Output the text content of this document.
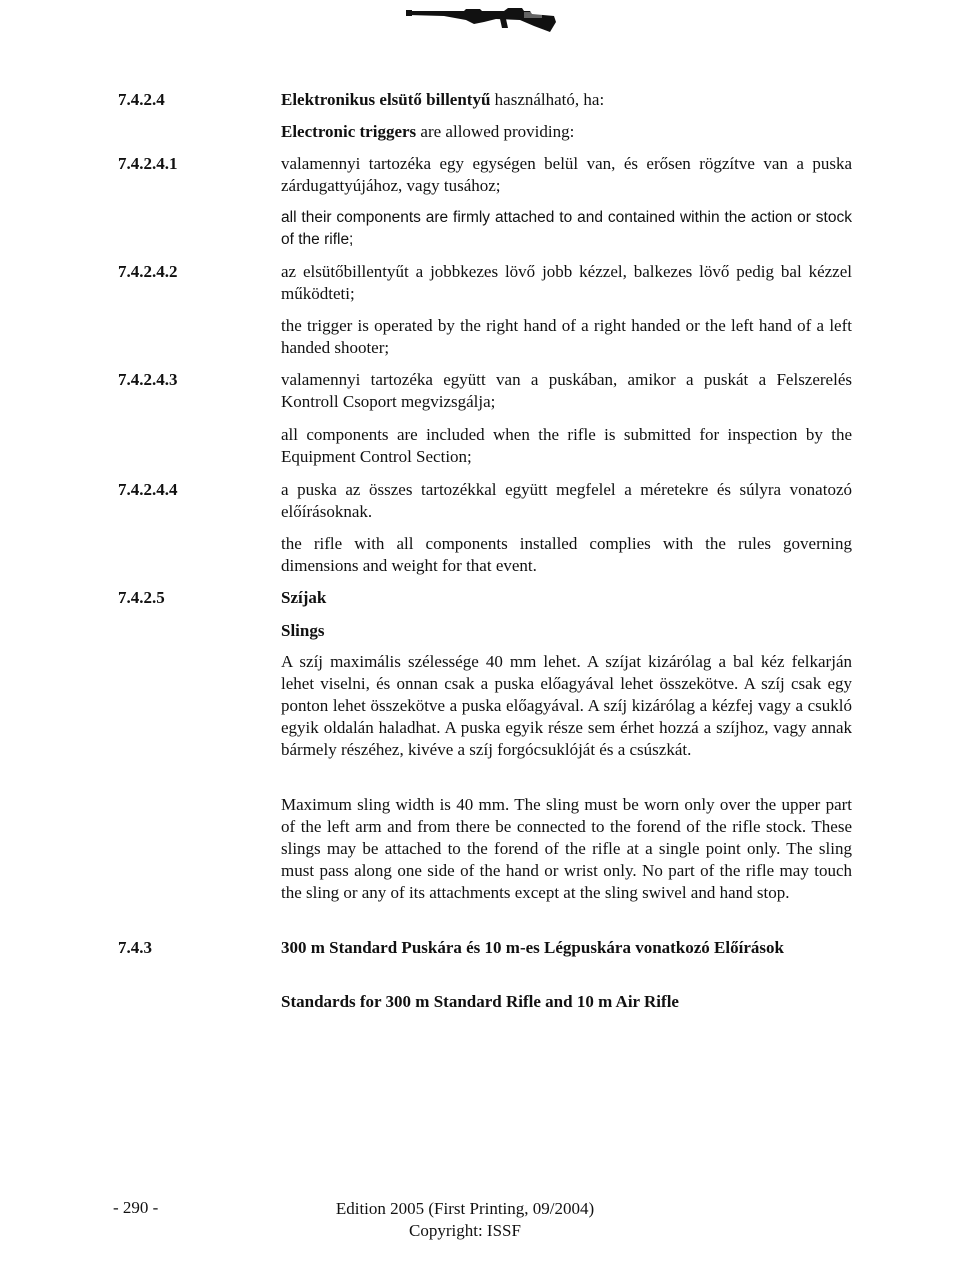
7.4.2.4	Elektronikus elsütő billentyű használható, ha:
Electronic triggers are allowed providing:
7.4.2.4.1	valamennyi tartozéka egy egységen belül van, és erősen rögzítve van a puska zárdugattyújához, vagy tusához;
all their components are firmly attached to and contained within the action or stock of the rifle;
7.4.2.4.2	az elsütőbillentyűt a jobbkezes lövő jobb kézzel, balkezes lövő pedig bal kézzel működteti;
the trigger is operated by the right hand of a right handed or the left hand of a left handed shooter;
7.4.2.4.3	valamennyi tartozéka együtt van a puskában, amikor a puskát a Felszerelés Kontroll Csoport megvizsgálja;
all components are included when the rifle is submitted for inspection by the Equipment Control Section;
7.4.2.4.4	a puska az összes tartozékkal együtt megfelel a méretekre és súlyra vonatozó előírásoknak.
the rifle with all components installed complies with the rules governing dimensions and weight for that event.
7.4.2.5	Szíjak
Slings
A szíj maximális szélessége 40 mm lehet. A szíjat kizárólag a bal kéz felkarján lehet viselni, és onnan csak a puska előagyával lehet összekötve. A szíj csak egy ponton lehet összekötve a puska előagyával. A szíj kizárólag a kézfej vagy a csukló egyik oldalán haladhat. A puska egyik része sem érhet hozzá a szíjhoz, vagy annak bármely részéhez, kivéve a szíj forgócsuklóját és a csúszkát.
Maximum sling width is 40 mm. The sling must be worn only over the upper part of the left arm and from there be connected to the forend of the rifle stock. These slings may be attached to the forend of the rifle at a single point only. The sling must pass along one side of the hand or wrist only. No part of the rifle may touch the sling or any of its attachments except at the sling swivel and hand stop.
7.4.3	300 m Standard Puskára és 10 m-es Légpuskára vonatkozó Előírások
Standards for 300 m Standard Rifle and 10 m Air Rifle
- 290 -	Edition 2005 (First Printing, 09/2004)
Copyright: ISSF
